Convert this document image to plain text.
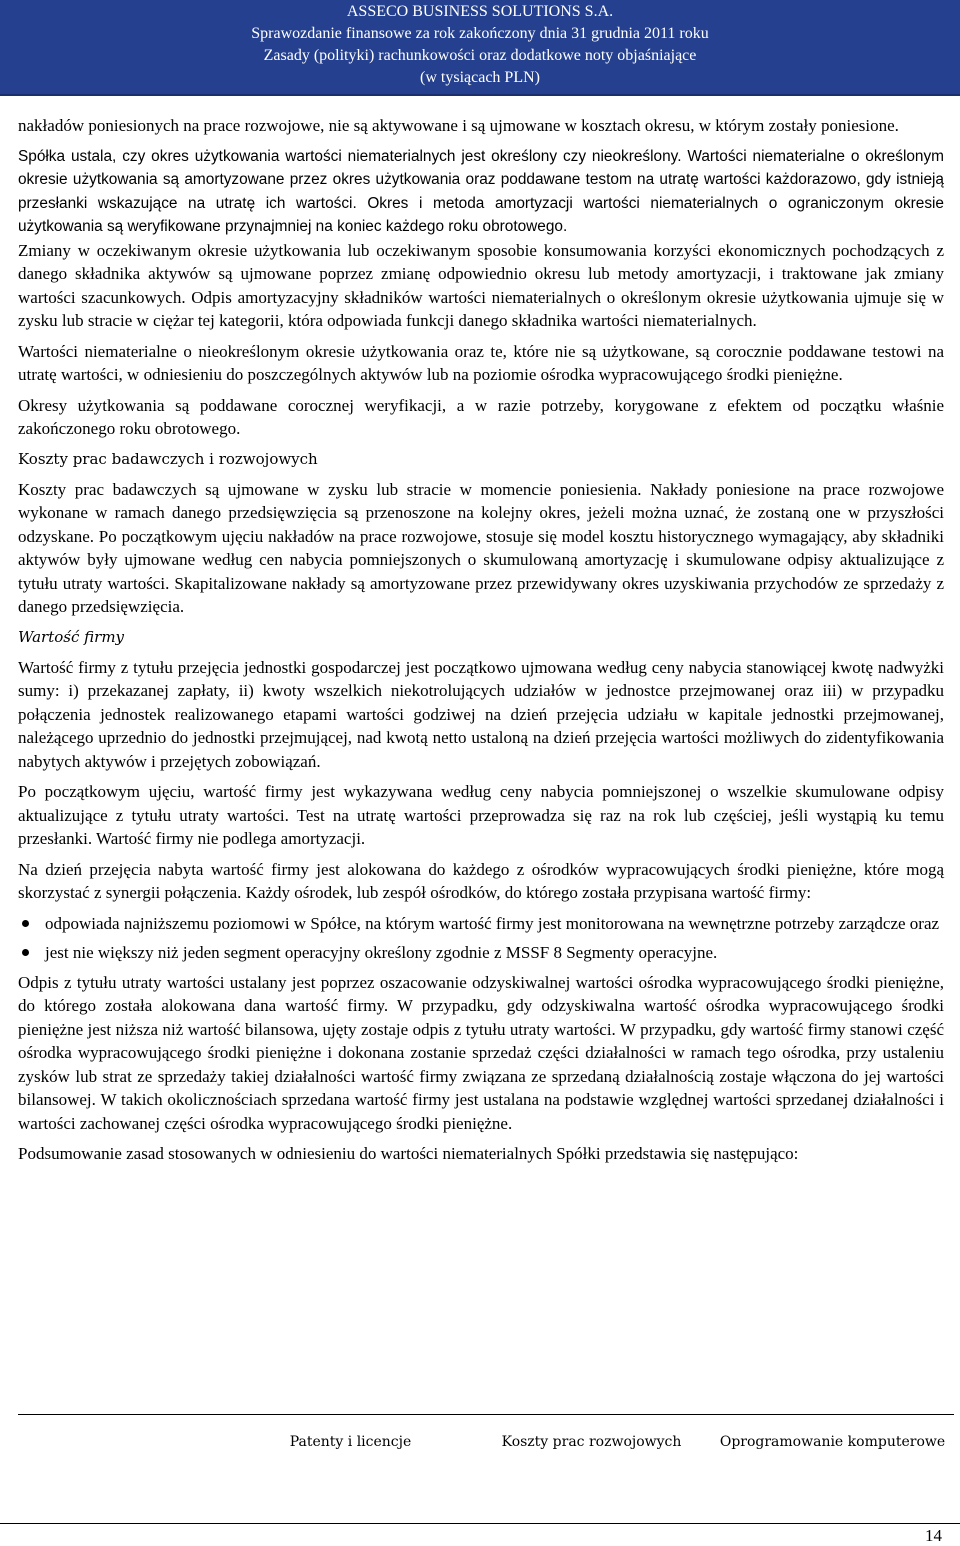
ASSECO BUSINESS SOLUTIONS S.A.
Sprawozdanie finansowe za rok zakończony dnia 31 grudnia 2011 roku
Zasady (polityki) rachunkowości oraz dodatkowe noty objaśniające
(w tysiącach PLN)

nakładów poniesionych na prace rozwojowe, nie są aktywowane i są ujmowane w kosztach okresu, w którym zostały poniesione.

Spółka ustala, czy okres użytkowania wartości niematerialnych jest określony czy nieokreślony. Wartości niematerialne o określonym okresie użytkowania są amortyzowane przez okres użytkowania oraz poddawane testom na utratę wartości każdorazowo, gdy istnieją przesłanki wskazujące na utratę ich wartości. Okres i metoda amortyzacji wartości niematerialnych o ograniczonym okresie użytkowania są weryfikowane przynajmniej na koniec każdego roku obrotowego.

Zmiany w oczekiwanym okresie użytkowania lub oczekiwanym sposobie konsumowania korzyści ekonomicznych pochodzących z danego składnika aktywów są ujmowane poprzez zmianę odpowiednio okresu lub metody amortyzacji, i traktowane jak zmiany wartości szacunkowych. Odpis amortyzacyjny składników wartości niematerialnych o określonym okresie użytkowania ujmuje się w zysku lub stracie w ciężar tej kategorii, która odpowiada funkcji danego składnika wartości niematerialnych.

Wartości niematerialne o nieokreślonym okresie użytkowania oraz te, które nie są użytkowane, są corocznie poddawane testowi na utratę wartości, w odniesieniu do poszczególnych aktywów lub na poziomie ośrodka wypracowującego środki pieniężne.

Okresy użytkowania są poddawane corocznej weryfikacji, a w razie potrzeby, korygowane z efektem od początku właśnie zakończonego roku obrotowego.

Koszty prac badawczych i rozwojowych

Koszty prac badawczych są ujmowane w zysku lub stracie w momencie poniesienia. Nakłady poniesione na prace rozwojowe wykonane w ramach danego przedsięwzięcia są przenoszone na kolejny okres, jeżeli można uznać, że zostaną one w przyszłości odzyskane. Po początkowym ujęciu nakładów na prace rozwojowe, stosuje się model kosztu historycznego wymagający, aby składniki aktywów były ujmowane według cen nabycia pomniejszonych o skumulowaną amortyzację i skumulowane odpisy aktualizujące z tytułu utraty wartości. Skapitalizowane nakłady są amortyzowane przez przewidywany okres uzyskiwania przychodów ze sprzedaży z danego przedsięwzięcia.

Wartość firmy

Wartość firmy z tytułu przejęcia jednostki gospodarczej jest początkowo ujmowana według ceny nabycia stanowiącej kwotę nadwyżki sumy: i) przekazanej zapłaty, ii) kwoty wszelkich niekotrolujących udziałów w jednostce przejmowanej oraz iii) w przypadku połączenia jednostek realizowanego etapami wartości godziwej na dzień przejęcia udziału w kapitale jednostki przejmowanej, należącego uprzednio do jednostki przejmującej, nad kwotą netto ustaloną na dzień przejęcia wartości możliwych do zidentyfikowania nabytych aktywów i przejętych zobowiązań.

Po początkowym ujęciu, wartość firmy jest wykazywana według ceny nabycia pomniejszonej o wszelkie skumulowane odpisy aktualizujące z tytułu utraty wartości. Test na utratę wartości przeprowadza się raz na rok lub częściej, jeśli wystąpią ku temu przesłanki. Wartość firmy nie podlega amortyzacji.

Na dzień przejęcia nabyta wartość firmy jest alokowana do każdego z ośrodków wypracowujących środki pieniężne, które mogą skorzystać z synergii połączenia. Każdy ośrodek, lub zespół ośrodków, do którego została przypisana wartość firmy:

odpowiada najniższemu poziomowi w Spółce, na którym wartość firmy jest monitorowana na wewnętrzne potrzeby zarządcze oraz
jest nie większy niż jeden segment operacyjny określony zgodnie z MSSF 8 Segmenty operacyjne.

Odpis z tytułu utraty wartości ustalany jest poprzez oszacowanie odzyskiwalnej wartości ośrodka wypracowującego środki pieniężne, do którego została alokowana dana wartość firmy. W przypadku, gdy odzyskiwalna wartość ośrodka wypracowującego środki pieniężne jest niższa niż wartość bilansowa, ujęty zostaje odpis z tytułu utraty wartości. W przypadku, gdy wartość firmy stanowi część ośrodka wypracowującego środki pieniężne i dokonana zostanie sprzedaż części działalności w ramach tego ośrodka, przy ustaleniu zysków lub strat ze sprzedaży takiej działalności wartość firmy związana ze sprzedaną działalnością zostaje włączona do jej wartości bilansowej. W takich okolicznościach sprzedana wartość firmy jest ustalana na podstawie względnej wartości sprzedanej działalności i wartości zachowanej części ośrodka wypracowującego środki pieniężne.

Podsumowanie zasad stosowanych w odniesieniu do wartości niematerialnych Spółki przedstawia się następująco:

Patenty i licencje	Koszty prac rozwojowych	Oprogramowanie komputerowe
14
